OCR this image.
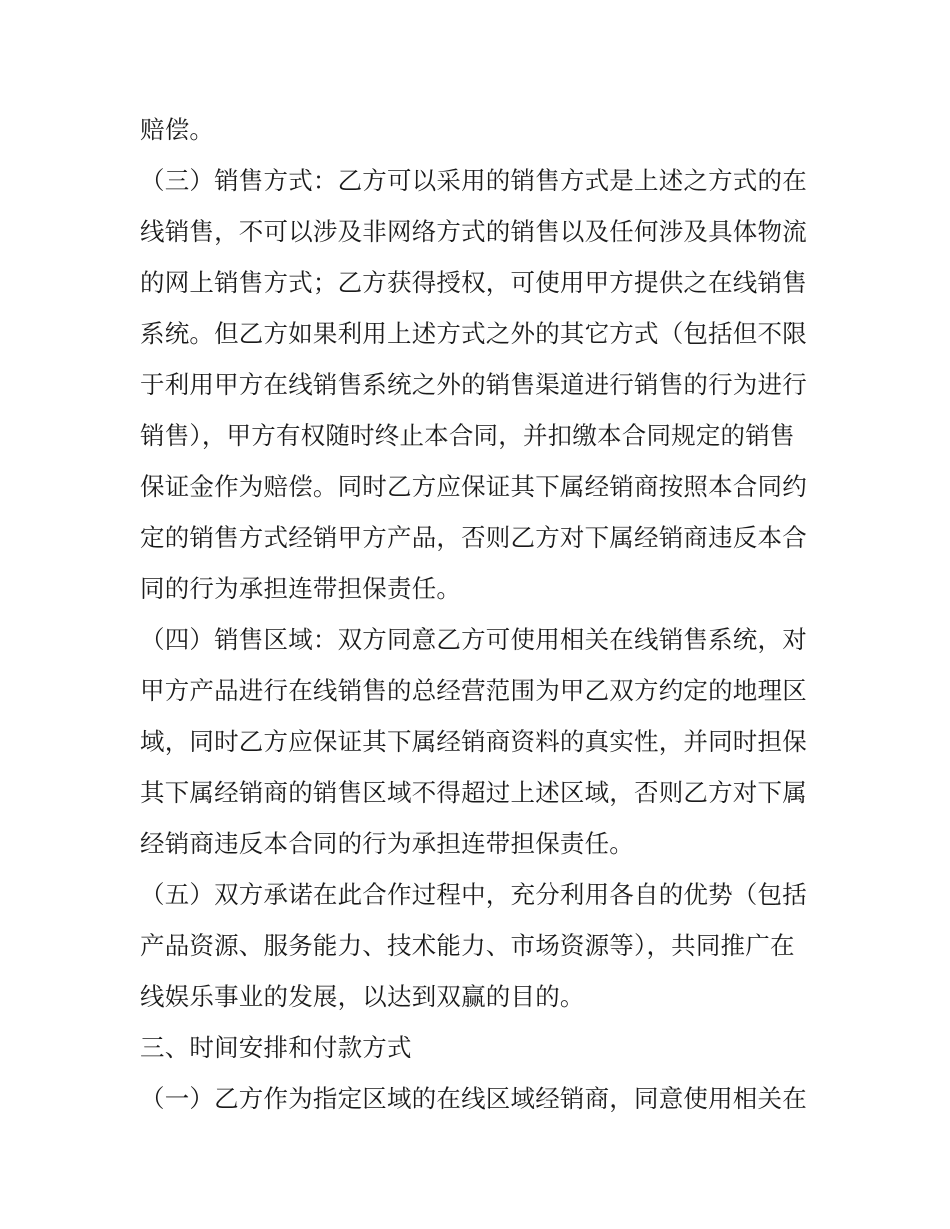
赔偿。
（三）销售方式：乙方可以采用的销售方式是上述之方式的在
线销售，不可以涉及非网络方式的销售以及任何涉及具体物流
的网上销售方式；乙方获得授权，可使用甲方提供之在线销售
系统。但乙方如果利用上述方式之外的其它方式（包括但不限
于利用甲方在线销售系统之外的销售渠道进行销售的行为进行
销售），甲方有权随时终止本合同，并扣缴本合同规定的销售
保证金作为赔偿。同时乙方应保证其下属经销商按照本合同约
定的销售方式经销甲方产品，否则乙方对下属经销商违反本合
同的行为承担连带担保责任。
（四）销售区域：双方同意乙方可使用相关在线销售系统，对
甲方产品进行在线销售的总经营范围为甲乙双方约定的地理区
域，同时乙方应保证其下属经销商资料的真实性，并同时担保
其下属经销商的销售区域不得超过上述区域，否则乙方对下属
经销商违反本合同的行为承担连带担保责任。
（五）双方承诺在此合作过程中，充分利用各自的优势（包括
产品资源、服务能力、技术能力、市场资源等），共同推广在
线娱乐事业的发展，以达到双赢的目的。
三、时间安排和付款方式
（一）乙方作为指定区域的在线区域经销商，同意使用相关在
